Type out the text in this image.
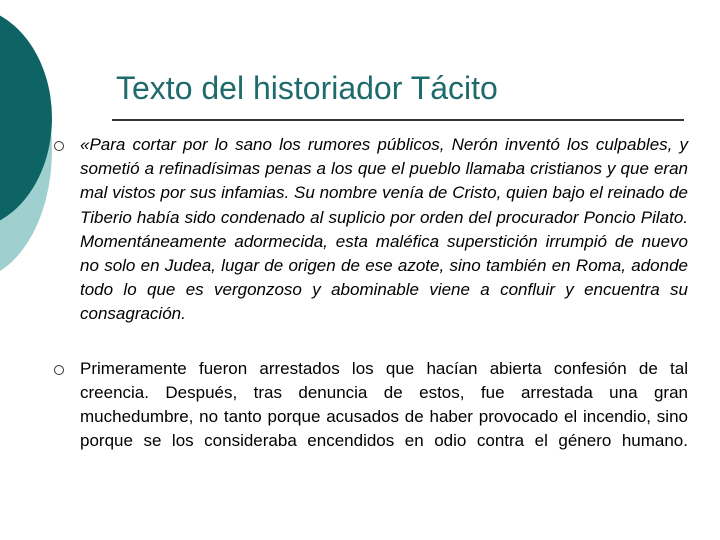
Texto del historiador Tácito
«Para cortar por lo sano los rumores públicos, Nerón inventó los culpables, y sometió a refinadísimas penas a los que el pueblo llamaba cristianos y que eran mal vistos por sus infamias. Su nombre venía de Cristo, quien bajo el reinado de Tiberio había sido condenado al suplicio por orden del procurador Poncio Pilato. Momentáneamente adormecida, esta maléfica superstición irrumpió de nuevo no solo en Judea, lugar de origen de ese azote, sino también en Roma, adonde todo lo que es vergonzoso y abominable viene a confluir y encuentra su consagración.
Primeramente fueron arrestados los que hacían abierta confesión de tal creencia. Después, tras denuncia de estos, fue arrestada una gran muchedumbre, no tanto porque acusados de haber provocado el incendio, sino porque se los consideraba encendidos en odio contra el género humano.
